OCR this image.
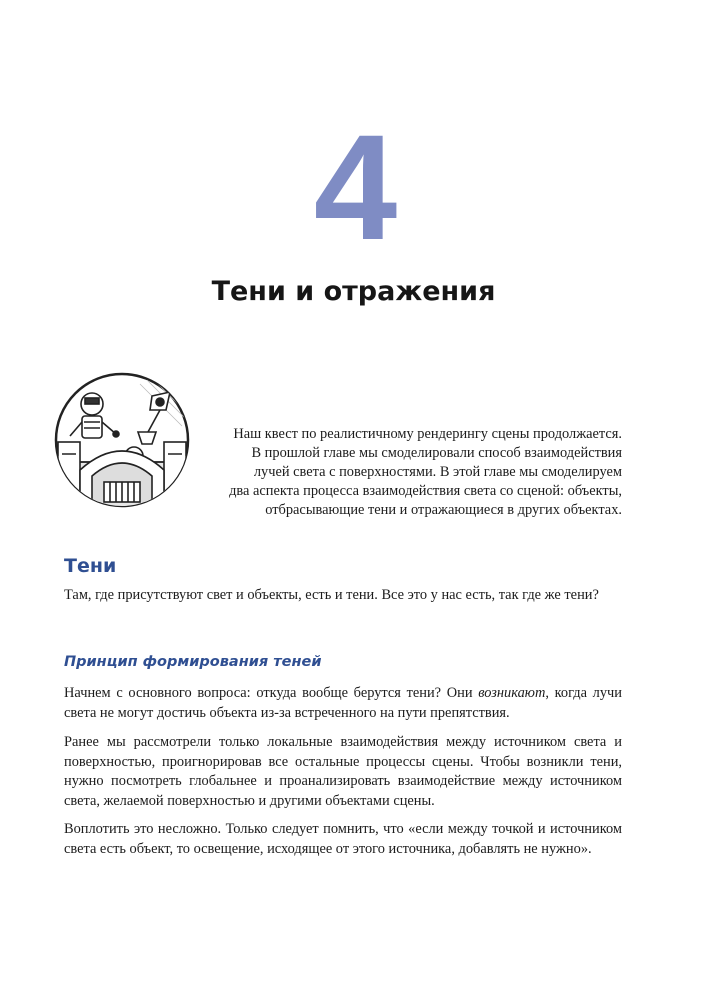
4
Тени и отражения

Наш квест по реалистичному рендерингу сцены продолжается.

В прошлой главе мы смоделировали способ взаимодействия

лучей света с поверхностями. В этой главе мы смоделируем

два аспекта процесса взаимодействия света со сценой: объекты,

отбрасывающие тени и отражающиеся в других объектах.

Тени

Там, где присутствуют свет и объекты, есть и тени. Все это у нас есть, так где же тени?

Принцип формирования теней

Начнем с основного вопроса: откуда вообще берутся тени? Они возникают, когда лучи света не могут достичь объекта из-за встреченного на пути препятствия.

Ранее мы рассмотрели только локальные взаимодействия между источником света и поверхностью, проигнорировав все остальные процессы сцены. Чтобы возникли тени, нужно посмотреть глобальнее и проанализировать взаимодействие между источником света, желаемой поверхностью и другими объектами сцены.

Воплотить это несложно. Только следует помнить, что «если между точкой и источником света есть объект, то освещение, исходящее от этого источника, добавлять не нужно».
